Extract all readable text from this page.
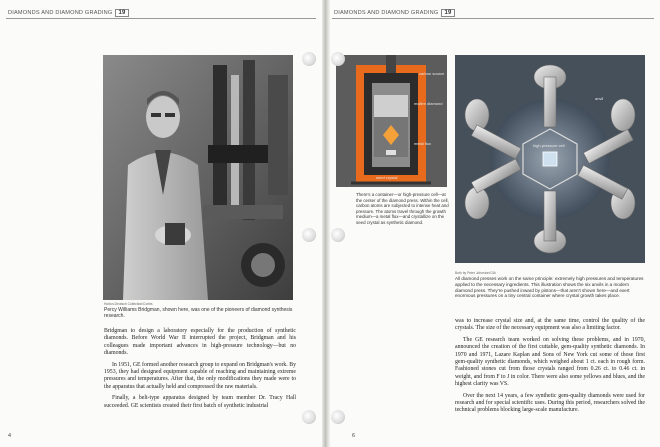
DIAMONDS AND DIAMOND GRADING	19
Hulton-Deutsch Collection/Corbis
Percy Williams Bridgman, shown here, was one of the pioneers of diamond synthesis research.

Bridgman to design a laboratory especially for the production of synthetic diamonds. Before World War II interrupted the project, Bridgman and his colleagues made important advances in high-pressure technology—but no diamonds.

In 1951, GE formed another research group to expand on Bridgman's work. By 1953, they had designed equipment capable of reaching and maintaining extreme pressures and temperatures. After that, the only modifications they made were to the apparatus that actually held and compressed the raw materials.

Finally, a belt-type apparatus designed by team member Dr. Tracy Hall succeeded. GE scientists created their first batch of synthetic industrial

4
DIAMONDS AND DIAMOND GRADING	19
carbon source
molten diamond
metal flux
seed crystal
There's a container—or high-pressure cell—at the center of the diamond press. Within the cell, carbon atoms are subjected to intense heat and pressure. The atoms travel through the growth medium—a metal flux—and crystallize on the seed crystal as synthetic diamond.
anvil
high-pressure cell
Both by Peter Johnston/GIA
All diamond presses work on the same principle: extremely high pressures and temperatures applied to the necessary ingredients. This illustration shows the six anvils in a modern diamond press. They're pushed inward by pistons—that aren't shown here—and exert enormous pressures on a tiny central container where crystal growth takes place.

was to increase crystal size and, at the same time, control the quality of the crystals. The size of the necessary equipment was also a limiting factor.

The GE research team worked on solving these problems, and in 1970, announced the creation of the first cuttable, gem-quality synthetic diamonds. In 1970 and 1971, Lazare Kaplan and Sons of New York cut some of those first gem-quality synthetic diamonds, which weighed about 1 ct. each in rough form. Fashioned stones cut from those crystals ranged from 0.26 ct. to 0.46 ct. in weight, and from F to J in color. There were also some yellows and blues, and the highest clarity was VS.

Over the next 14 years, a few synthetic gem-quality diamonds were used for research and for special scientific uses. During this period, researchers solved the technical problems blocking large-scale manufacture.

6
